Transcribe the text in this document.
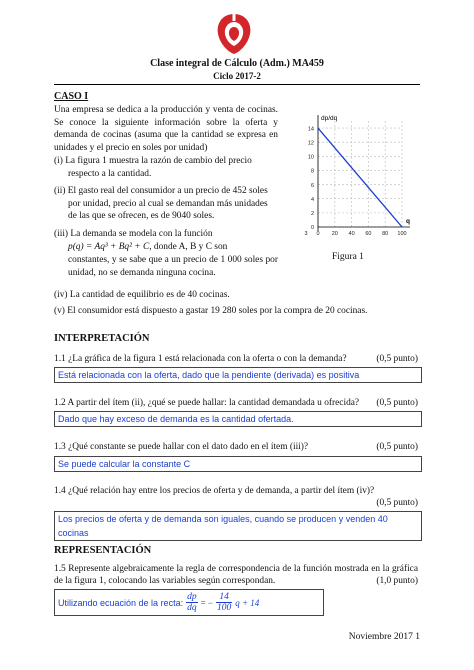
Clase integral de Cálculo (Adm.) MA459
Ciclo 2017-2
CASO I
Una empresa se dedica a la producción y venta de cocinas. Se conoce la siguiente información sobre la oferta y demanda de cocinas (asuma que la cantidad se expresa en unidades y el precio en soles por unidad)
(i) La figura 1 muestra la razón de cambio del precio respecto a la cantidad.
(ii) El gasto real del consumidor a un precio de 452 soles por unidad, precio al cual se demandan más unidades de las que se ofrecen, es de 9040 soles.
(iii) La demanda se modela con la función
p(q) = Aq³ + Bq² + C, donde A, B y C son
constantes, y se sabe que a un precio de 1 000 soles por unidad, no se demanda ninguna cocina.
(iv) La cantidad de equilibrio es de 40 cocinas.
(v) El consumidor está dispuesto a gastar 19 280 soles por la compra de 20 cocinas.
0
2
4
6
8
10
12
14
0 20 40 60 80 100
3
dp/dq
q
Figura 1
INTERPRETACIÓN
1.1 ¿La gráfica de la figura 1 está relacionada con la oferta o con la demanda?	(0,5 punto)
Está relacionada con la oferta, dado que la pendiente (derivada) es positiva
1.2 A partir del ítem (ii), ¿qué se puede hallar: la cantidad demandada u ofrecida? (0,5 punto)
Dado que hay exceso de demanda es la cantidad ofertada.
1.3 ¿Qué constante se puede hallar con el dato dado en el ítem (iii)?	(0,5 punto)
Se puede calcular la constante C
1.4 ¿Qué relación hay entre los precios de oferta y de demanda, a partir del ítem (iv)?
(0,5 punto)
Los precios de oferta y de demanda son iguales, cuando se producen y venden 40 cocinas
REPRESENTACIÓN
1.5 Represente algebraicamente la regla de correspondencia de la función mostrada en la gráfica de la figura 1, colocando las variables según correspondan.	(1,0 punto)
Utilizando ecuación de la recta: $\frac{dp}{dq}$ = − $\frac{14}{100}$ q + 14
Noviembre 2017 1
